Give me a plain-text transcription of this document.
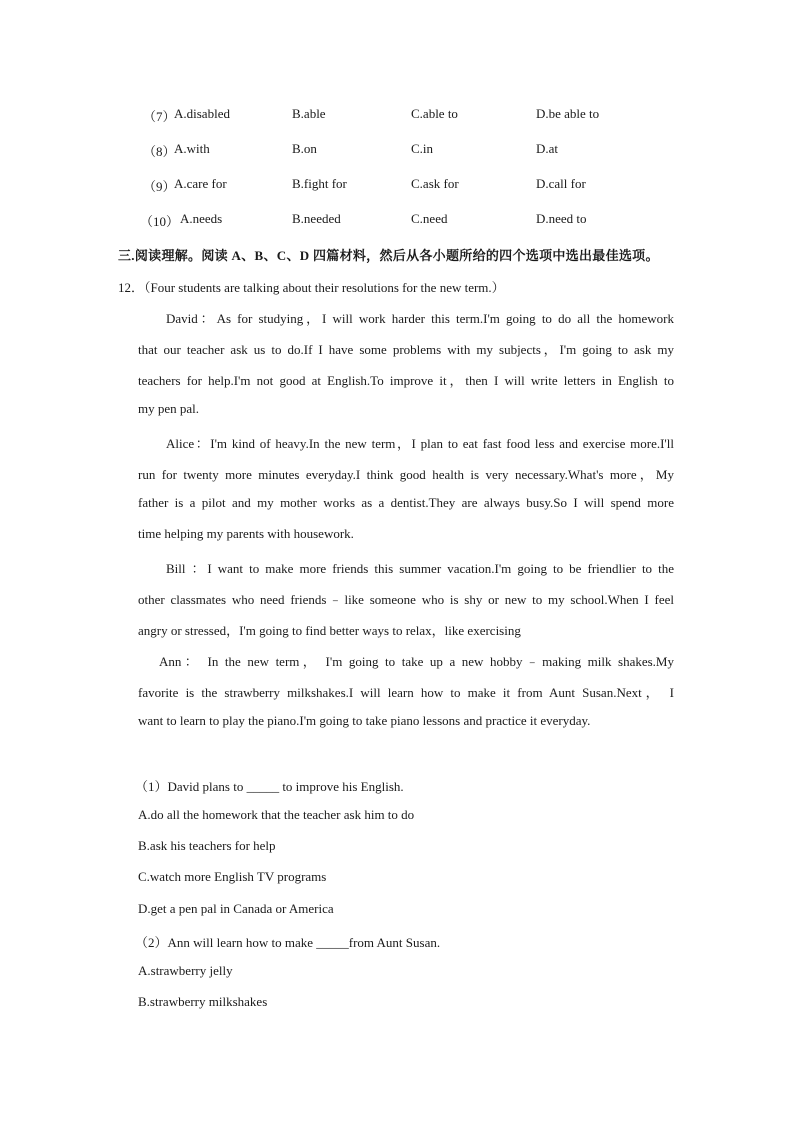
（7）
A.disabled	B.able	C.able to	D.be able to
（8）
A.with	B.on	C.in	D.at
（9）
A.care for	B.fight for	C.ask for	D.call for
（10） A.needs	B.needed	C.need	D.need to
三.阅读理解。阅读 A、B、C、D 四篇材料，然后从各小题所给的四个选项中选出最佳选项。
12．（Four students are talking about their resolutions for the new term.）
David：As for studying，I will work harder this term.I'm going to do all the homework
that our teacher ask us to do.If I have some problems with my subjects，I'm going to ask my
teachers for help.I'm not good at English.To improve it，then I will write letters in English to
my pen pal.
Alice：I'm kind of heavy.In the new term，I plan to eat fast food less and exercise more.I'll
run for twenty more minutes everyday.I think good health is very necessary.What's more，My
father is a pilot and my mother works as a dentist.They are always busy.So I will spend more
time helping my parents with housework.
Bill ：I want to make more friends this summer vacation.I'm going to be friendlier to the
other classmates who need friends﹣like someone who is shy or new to my school.When I feel
angry or stressed，I'm going to find better ways to relax，like exercising
Ann： In the new term， I'm going to take up a new hobby﹣making milk shakes.My
favorite is the strawberry milkshakes.I will learn how to make it from Aunt Susan.Next， I
want to learn to play the piano.I'm going to take piano lessons and practice it everyday.
（1）David plans to _____ to improve his English.
A.do all the homework that the teacher ask him to do
B.ask his teachers for help
C.watch more English TV programs
D.get a pen pal in Canada or America
（2）Ann will learn how to make _____from Aunt Susan.
A.strawberry jelly
B.strawberry milkshakes
